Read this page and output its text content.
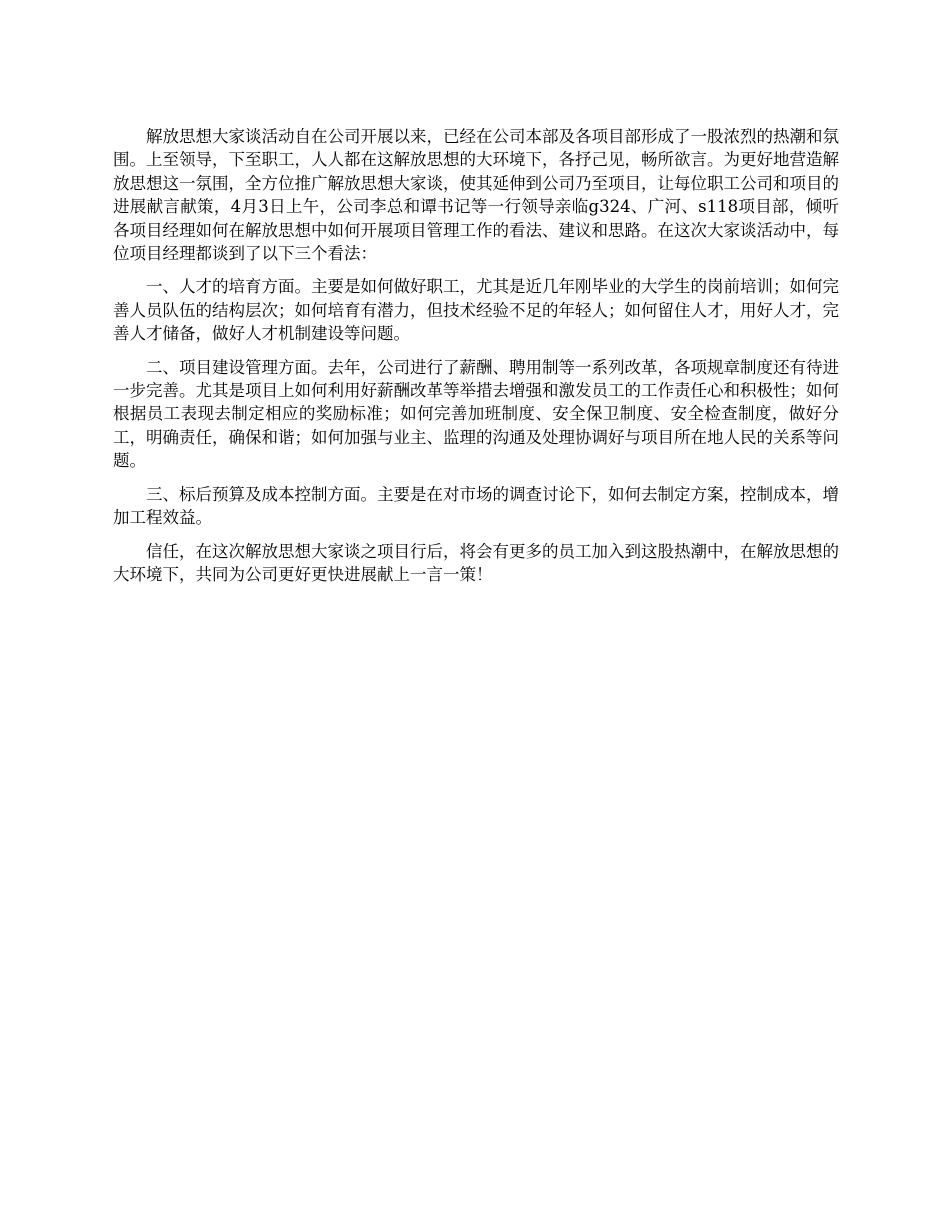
解放思想大家谈活动自在公司开展以来，已经在公司本部及各项目部形成了一股浓烈的热潮和氛围。上至领导，下至职工，人人都在这解放思想的大环境下，各抒己见，畅所欲言。为更好地营造解放思想这一氛围，全方位推广解放思想大家谈，使其延伸到公司乃至项目，让每位职工公司和项目的进展献言献策，4月3日上午，公司李总和谭书记等一行领导亲临g324、广河、s118项目部，倾听各项目经理如何在解放思想中如何开展项目管理工作的看法、建议和思路。在这次大家谈活动中，每位项目经理都谈到了以下三个看法：

一、人才的培育方面。主要是如何做好职工，尤其是近几年刚毕业的大学生的岗前培训；如何完善人员队伍的结构层次；如何培育有潜力，但技术经验不足的年轻人；如何留住人才，用好人才，完善人才储备，做好人才机制建设等问题。

二、项目建设管理方面。去年，公司进行了薪酬、聘用制等一系列改革，各项规章制度还有待进一步完善。尤其是项目上如何利用好薪酬改革等举措去增强和激发员工的工作责任心和积极性；如何根据员工表现去制定相应的奖励标准；如何完善加班制度、安全保卫制度、安全检查制度，做好分工，明确责任，确保和谐；如何加强与业主、监理的沟通及处理协调好与项目所在地人民的关系等问题。

三、标后预算及成本控制方面。主要是在对市场的调查讨论下，如何去制定方案，控制成本，增加工程效益。

信任，在这次解放思想大家谈之项目行后，将会有更多的员工加入到这股热潮中，在解放思想的大环境下，共同为公司更好更快进展献上一言一策！
